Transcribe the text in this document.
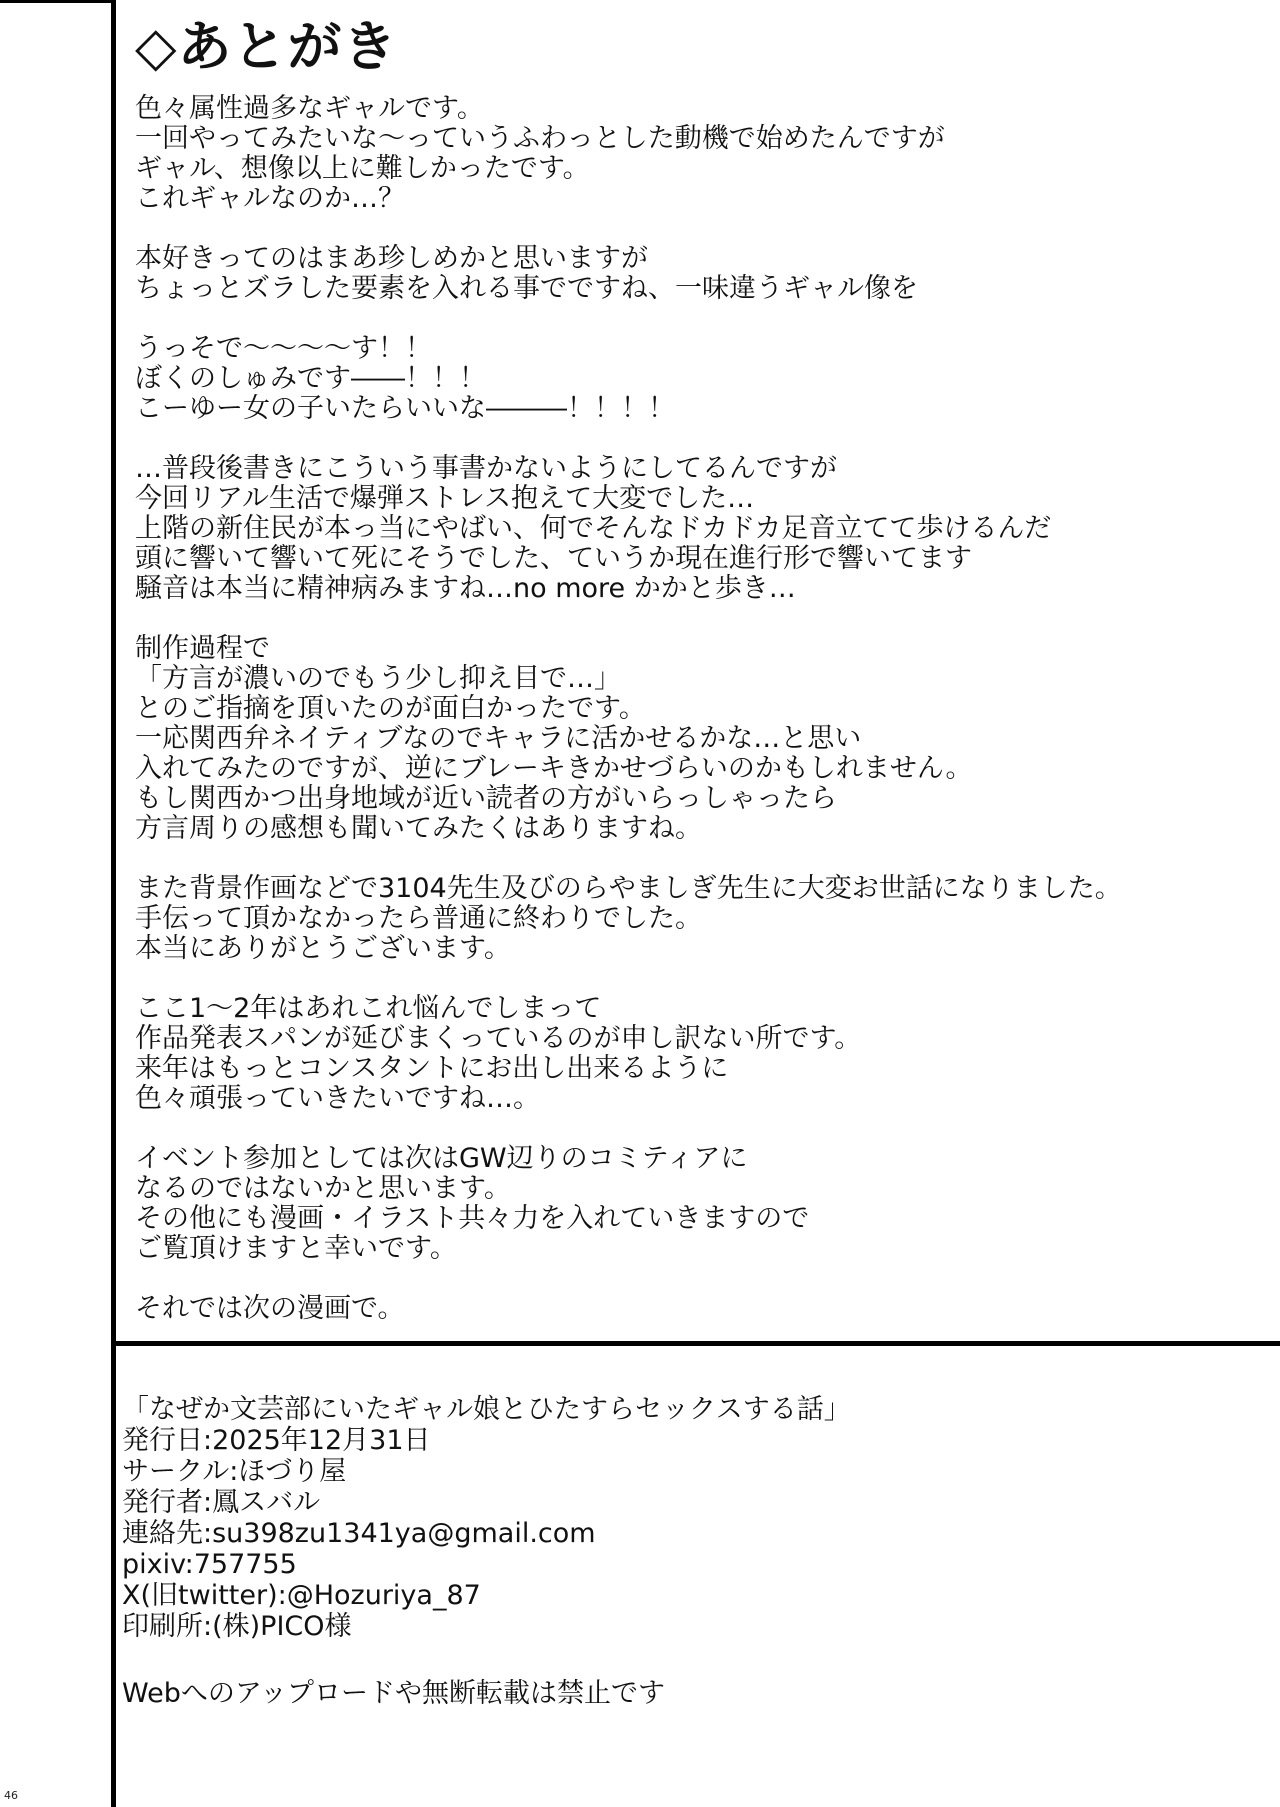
◇あとがき
色々属性過多なギャルです。
一回やってみたいな〜っていうふわっとした動機で始めたんですが
ギャル、想像以上に難しかったです。
これギャルなのか…？
本好きってのはまあ珍しめかと思いますが
ちょっとズラした要素を入れる事でですね、一味違うギャル像を
うっそで〜〜〜〜す！！
ぼくのしゅみです――！！！
こーゆー女の子いたらいいな―――！！！！
…普段後書きにこういう事書かないようにしてるんですが
今回リアル生活で爆弾ストレス抱えて大変でした…
上階の新住民が本っ当にやばい、何でそんなドカドカ足音立てて歩けるんだ
頭に響いて響いて死にそうでした、ていうか現在進行形で響いてます
騒音は本当に精神病みますね…no more かかと歩き…
制作過程で
「方言が濃いのでもう少し抑え目で…」
とのご指摘を頂いたのが面白かったです。
一応関西弁ネイティブなのでキャラに活かせるかな…と思い
入れてみたのですが、逆にブレーキきかせづらいのかもしれません。
もし関西かつ出身地域が近い読者の方がいらっしゃったら
方言周りの感想も聞いてみたくはありますね。
また背景作画などで3104先生及びのらやましぎ先生に大変お世話になりました。
手伝って頂かなかったら普通に終わりでした。
本当にありがとうございます。
ここ1〜2年はあれこれ悩んでしまって
作品発表スパンが延びまくっているのが申し訳ない所です。
来年はもっとコンスタントにお出し出来るように
色々頑張っていきたいですね…。
イベント参加としては次はGW辺りのコミティアに
なるのではないかと思います。
その他にも漫画・イラスト共々力を入れていきますので
ご覧頂けますと幸いです。
それでは次の漫画で。
「なぜか文芸部にいたギャル娘とひたすらセックスする話」
発行日:2025年12月31日
サークル:ほづり屋
発行者:鳳スバル
連絡先:su398zu1341ya@gmail.com
pixiv:757755
X(旧twitter):@Hozuriya_87
印刷所:(株)PICO様
Webへのアップロードや無断転載は禁止です
46
